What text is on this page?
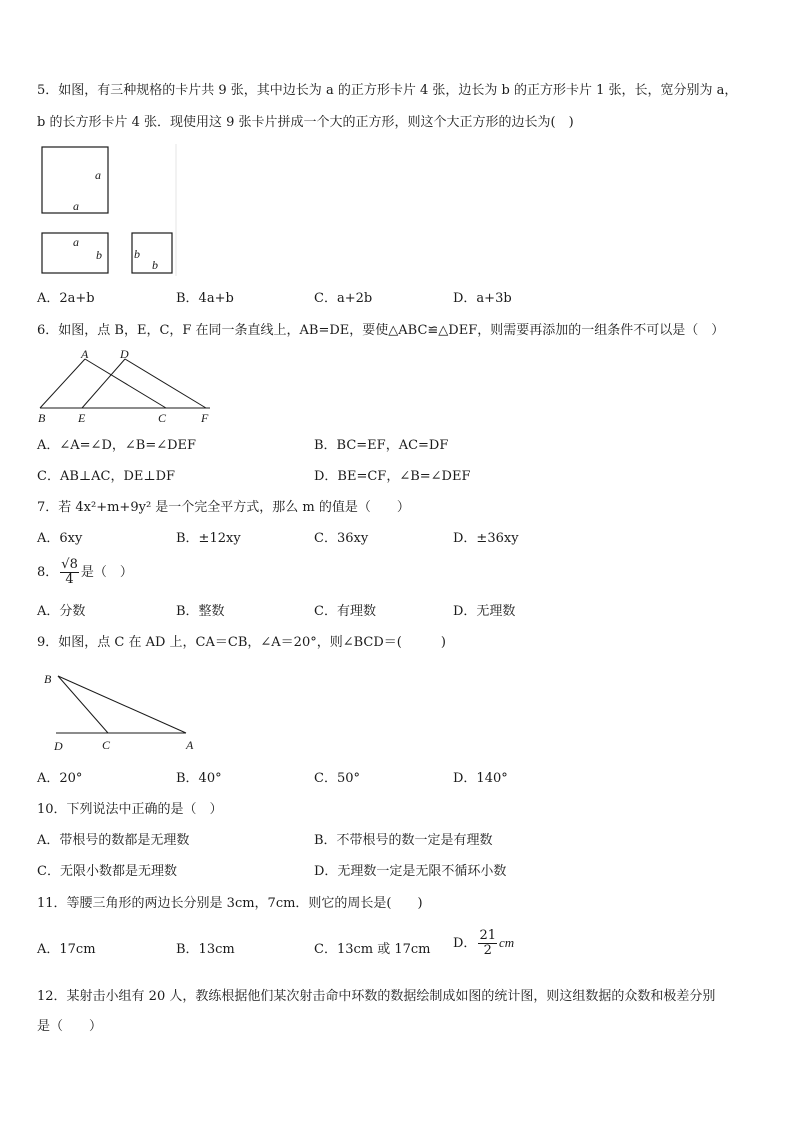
5．如图，有三种规格的卡片共 9 张，其中边长为 a 的正方形卡片 4 张，边长为 b 的正方形卡片 1 张，长，宽分别为 a，
b 的长方形卡片 4 张．现使用这 9 张卡片拼成一个大的正方形，则这个大正方形的边长为(　)
a
a
a
b	b
b
A．2a+b	B．4a+b	C．a+2b	D．a+3b
6．如图，点 B，E，C，F 在同一条直线上，AB=DE，要使△ABC≌△DEF，则需要再添加的一组条件不可以是（　）
A	D
B	E	C	F
A．∠A=∠D，∠B=∠DEF	B．BC=EF，AC=DF
C．AB⊥AC，DE⊥DF	D．BE=CF，∠B=∠DEF
7．若 4x²+m+9y² 是一个完全平方式，那么 m 的值是（　　）
A．6xy	B．±12xy	C．36xy	D．±36xy
8． $\frac{√8}{4}$ 是（　）
A．分数	B．整数	C．有理数	D．无理数
9．如图，点 C 在 AD 上，CA＝CB，∠A＝20°，则∠BCD＝(　　　)
B
D	C	A
A．20°	B．40°	C．50°	D．140°
10．下列说法中正确的是（　）
A．带根号的数都是无理数	B．不带根号的数一定是有理数
C．无限小数都是无理数	D．无理数一定是无限不循环小数
11．等腰三角形的两边长分别是 3cm，7cm．则它的周长是(　　)
A．17cm	B．13cm	C．13cm 或 17cm D． $\frac{21}{2}$ cm
12．某射击小组有 20 人，教练根据他们某次射击命中环数的数据绘制成如图的统计图，则这组数据的众数和极差分别
是（　　）
